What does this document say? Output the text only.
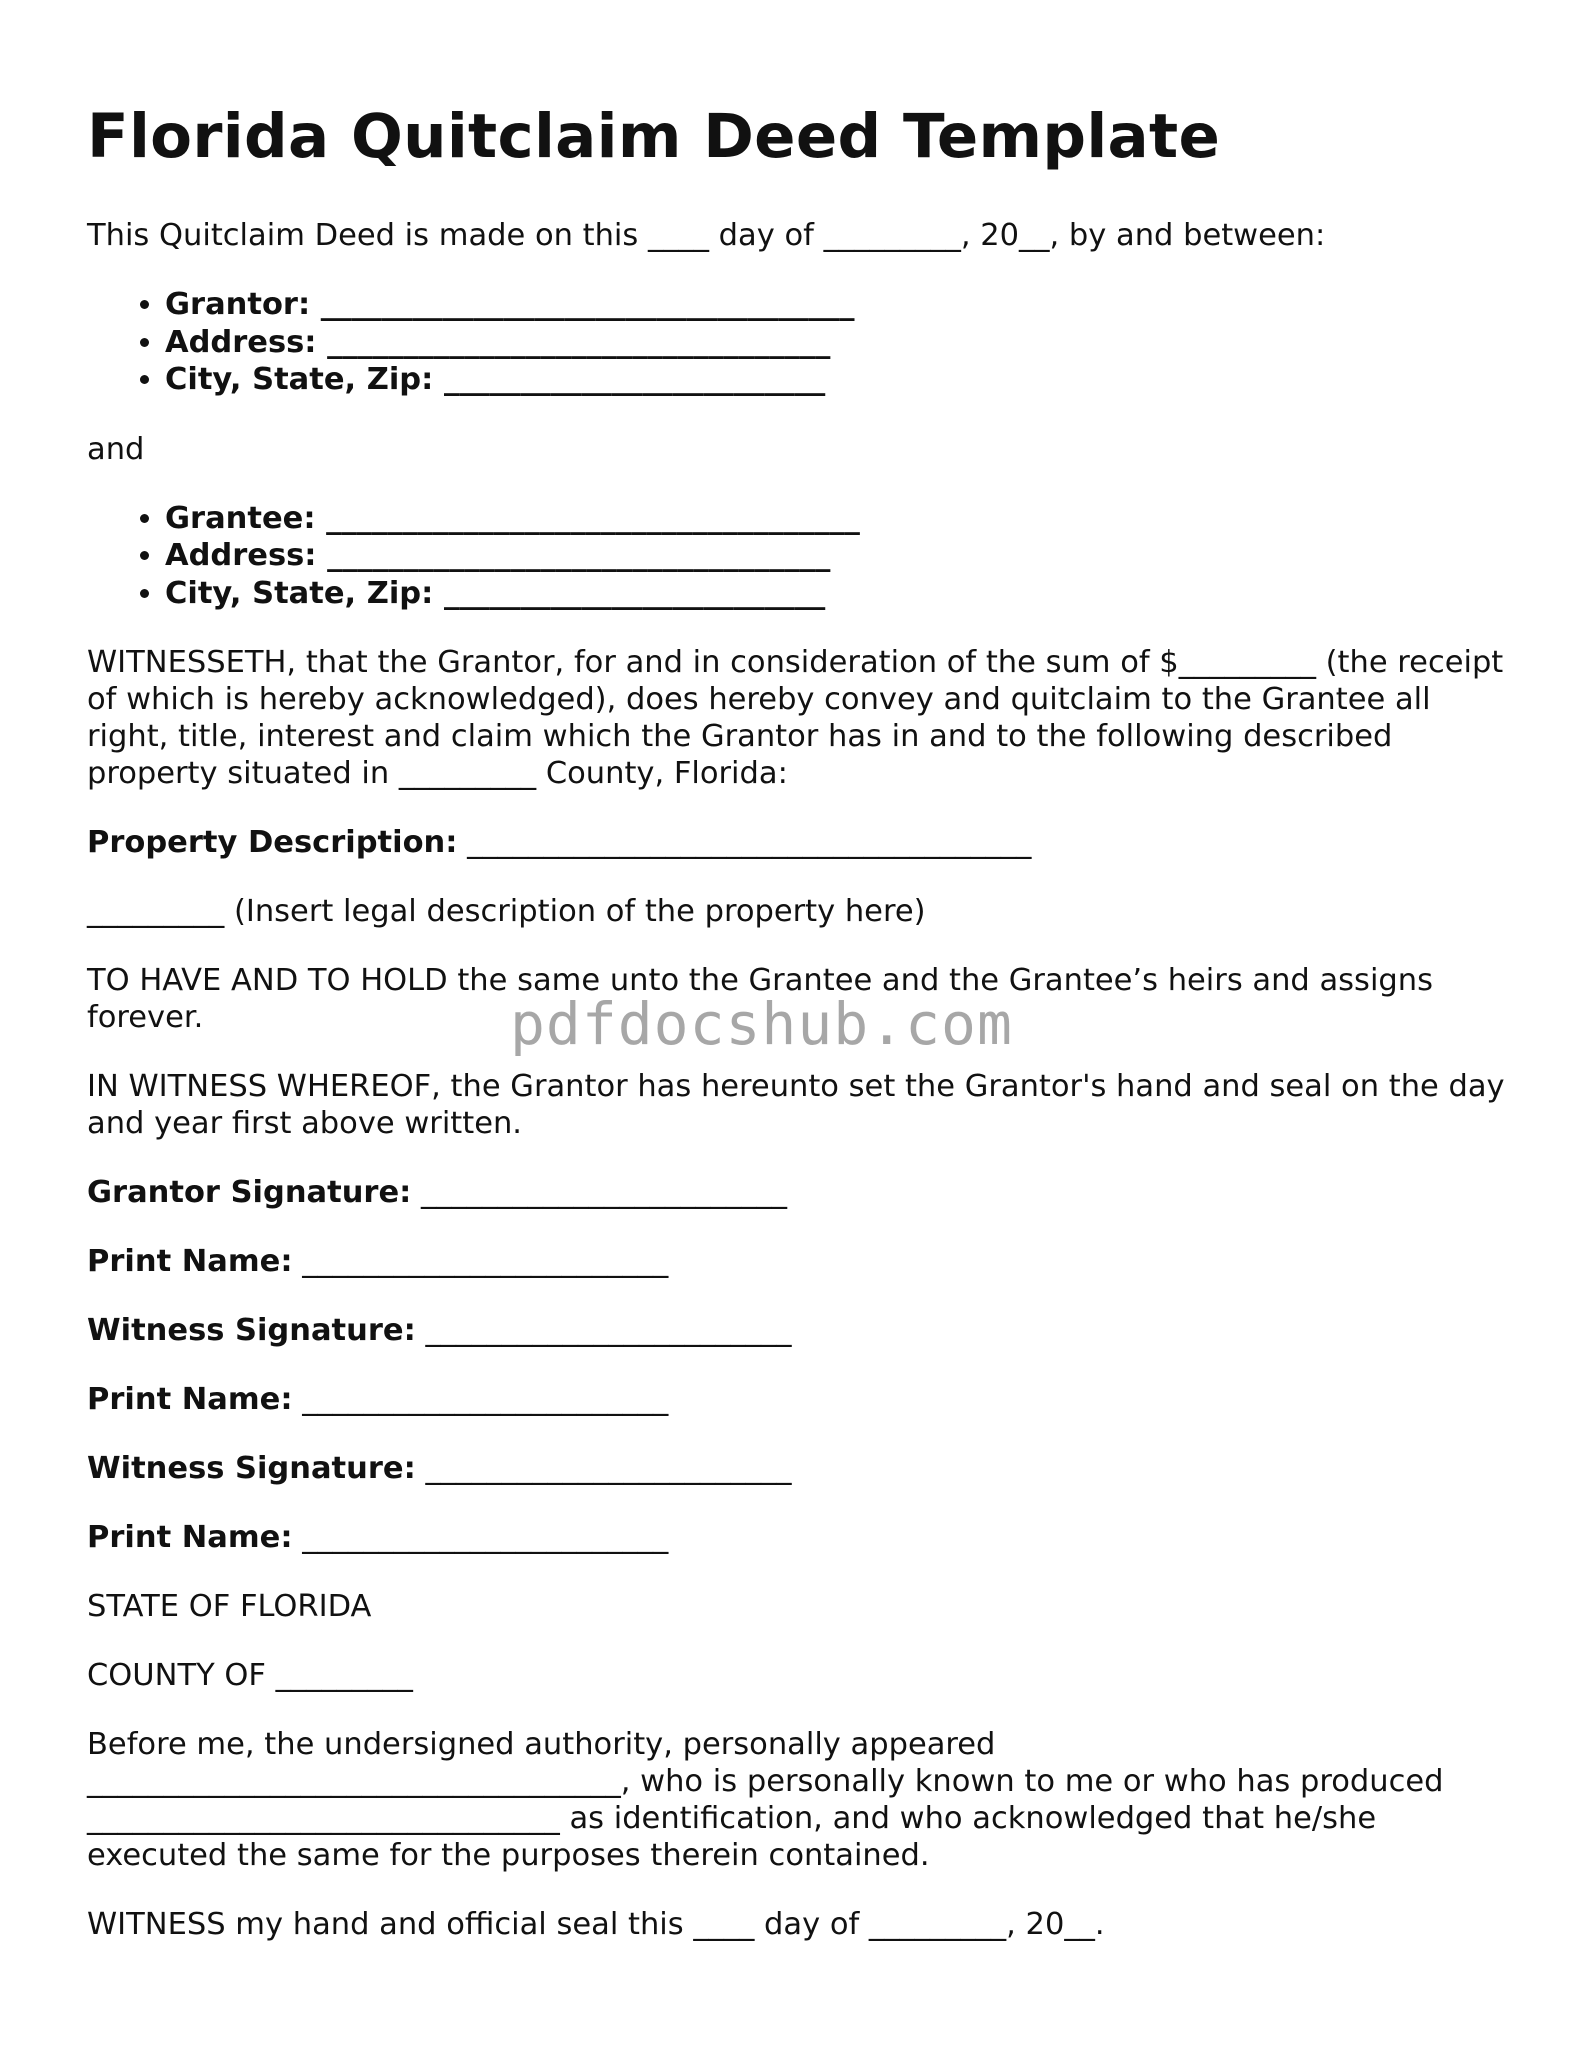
Florida Quitclaim Deed Template

This Quitclaim Deed is made on this ____ day of _________, 20__, by and between:

• Grantor: ___________________________________
• Address: _________________________________
• City, State, Zip: _________________________

and

• Grantee: ___________________________________
• Address: _________________________________
• City, State, Zip: _________________________

WITNESSETH, that the Grantor, for and in consideration of the sum of $_________ (the receipt of which is hereby acknowledged), does hereby convey and quitclaim to the Grantee all right, title, interest and claim which the Grantor has in and to the following described property situated in _________ County, Florida:

Property Description: _____________________________________

_________ (Insert legal description of the property here)

TO HAVE AND TO HOLD the same unto the Grantee and the Grantee’s heirs and assigns forever.

IN WITNESS WHEREOF, the Grantor has hereunto set the Grantor's hand and seal on the day and year first above written.

Grantor Signature: ________________________

Print Name: ________________________

Witness Signature: ________________________

Print Name: ________________________

Witness Signature: ________________________

Print Name: ________________________

STATE OF FLORIDA

COUNTY OF _________

Before me, the undersigned authority, personally appeared ___________________________________, who is personally known to me or who has produced _______________________________ as identification, and who acknowledged that he/she executed the same for the purposes therein contained.

WITNESS my hand and official seal this ____ day of _________, 20__.

pdfdocshub.com
